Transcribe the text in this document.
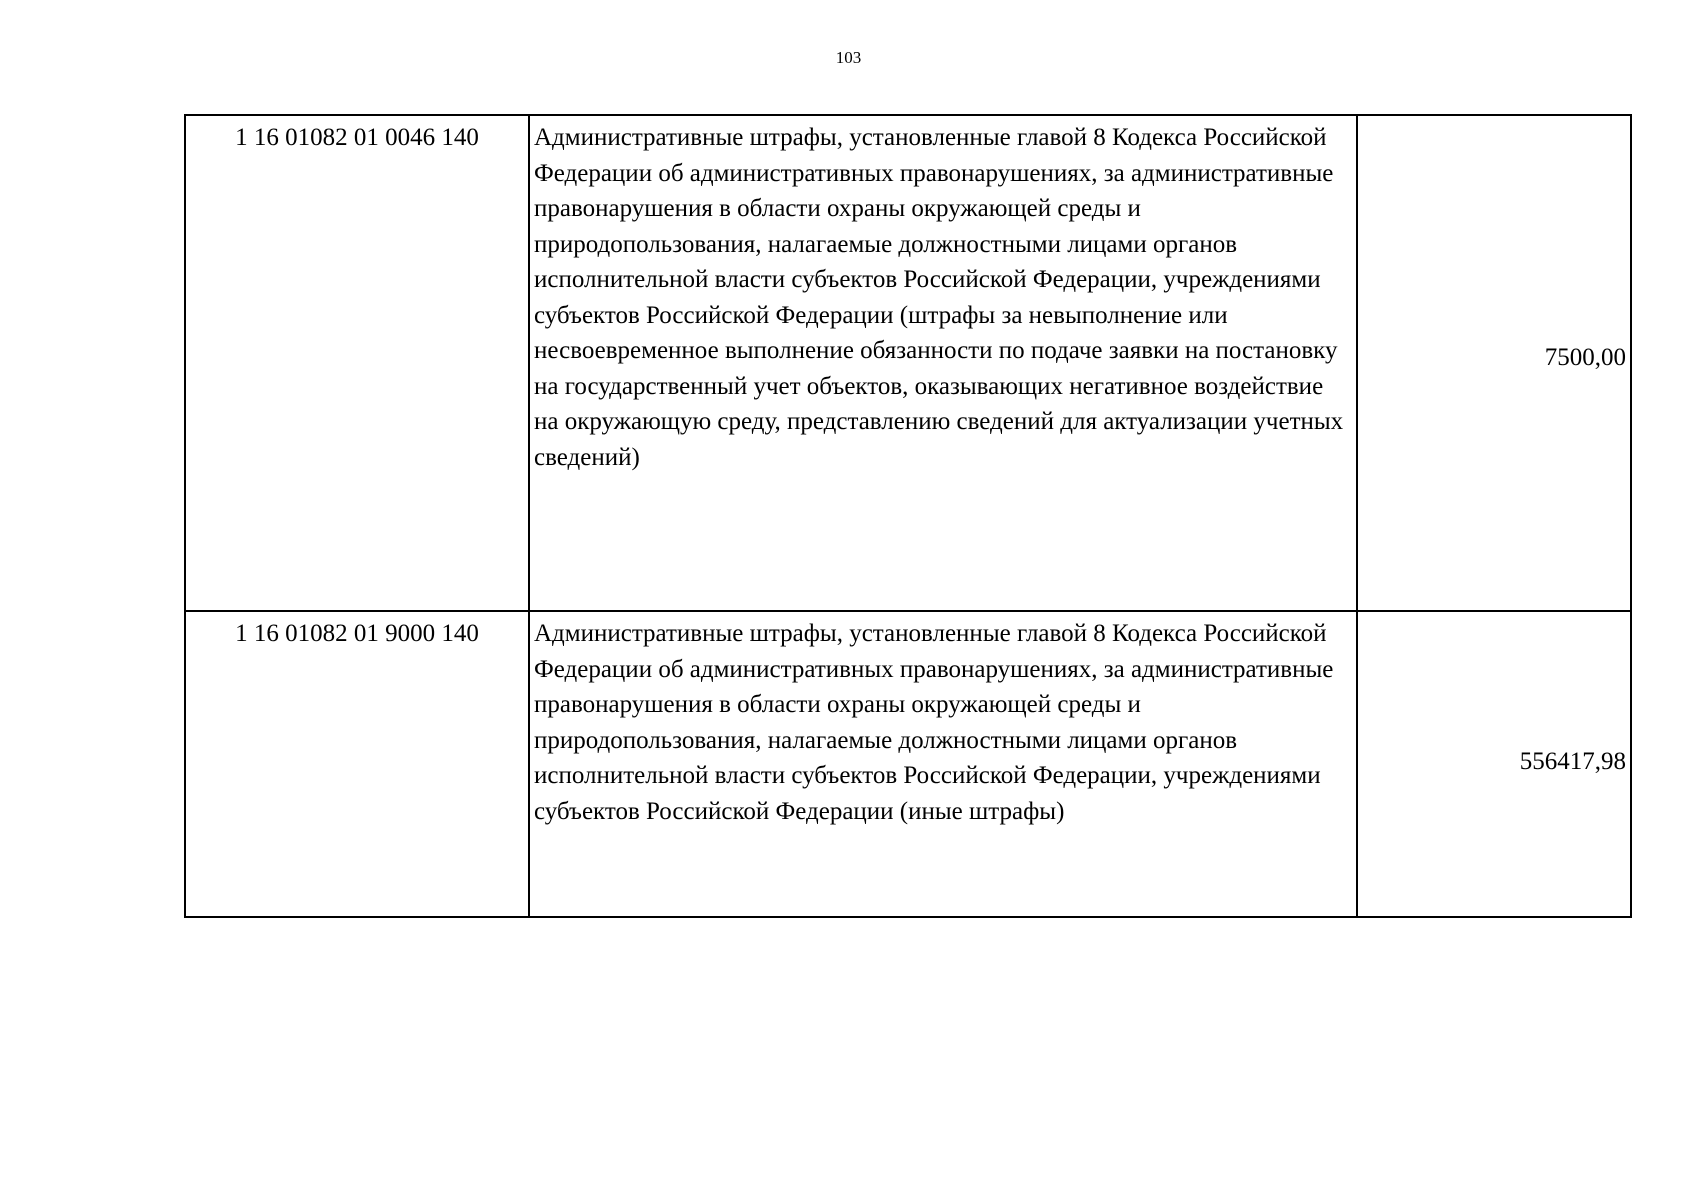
103
1 16 01082 01 0046 140	Административные штрафы, установленные главой 8 Кодекса Российской Федерации об административных правонарушениях, за административные правонарушения в области охраны окружающей среды и природопользования, налагаемые должностными лицами органов исполнительной власти субъектов Российской Федерации, учреждениями субъектов Российской Федерации (штрафы за невыполнение или несвоевременное выполнение обязанности по подаче заявки на постановку на государственный учет объектов, оказывающих негативное воздействие на окружающую среду, представлению сведений для актуализации учетных сведений)	7500,00
1 16 01082 01 9000 140	Административные штрафы, установленные главой 8 Кодекса Российской Федерации об административных правонарушениях, за административные правонарушения в области охраны окружающей среды и природопользования, налагаемые должностными лицами органов исполнительной власти субъектов Российской Федерации, учреждениями субъектов Российской Федерации (иные штрафы)	556417,98
